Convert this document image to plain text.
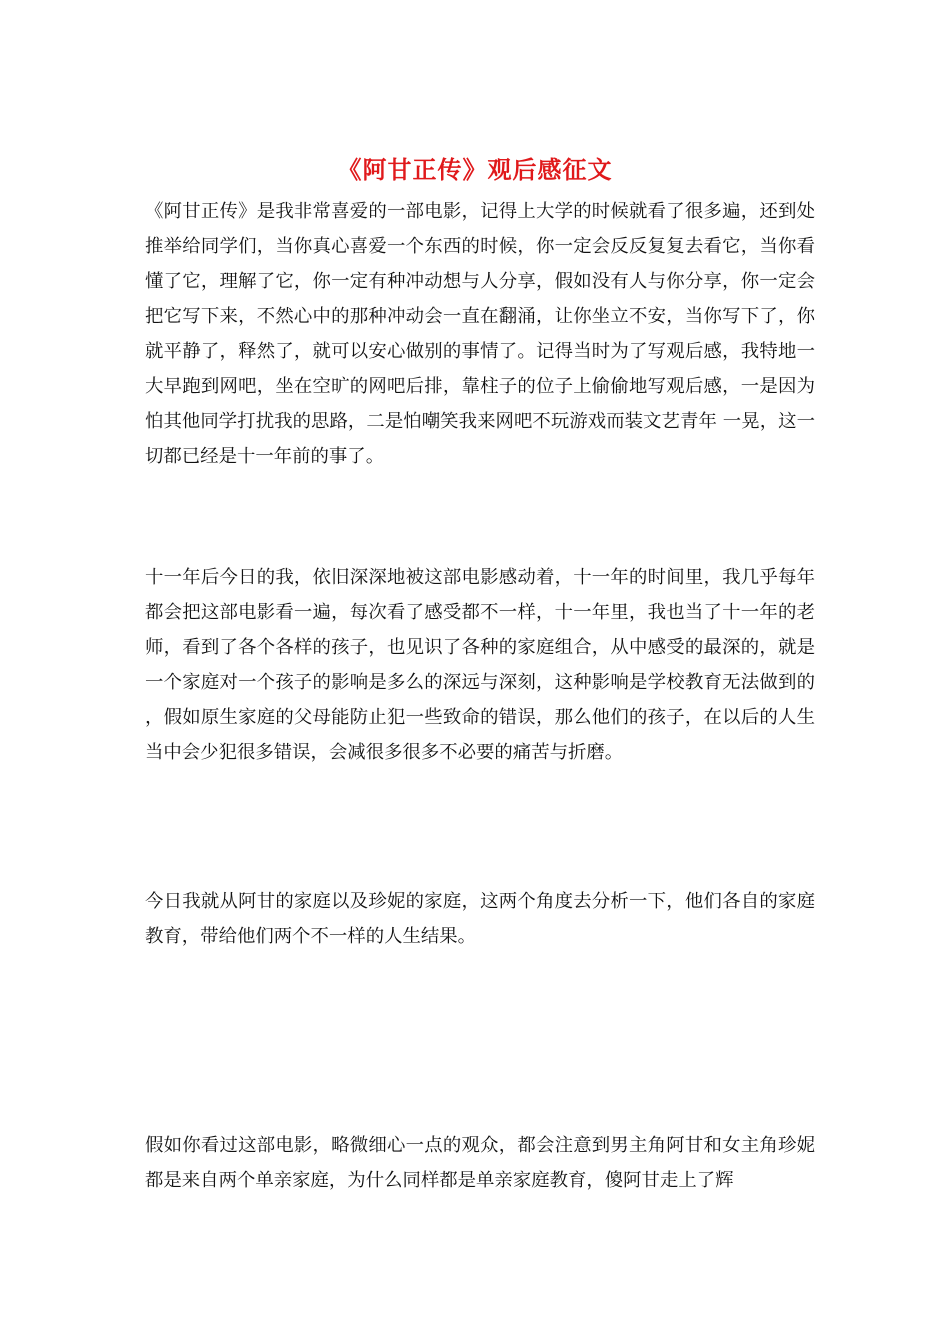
《阿甘正传》观后感征文

《阿甘正传》是我非常喜爱的一部电影，记得上大学的时候就看了很多遍，还到处推举给同学们，当你真心喜爱一个东西的时候，你一定会反反复复去看它，当你看懂了它，理解了它，你一定有种冲动想与人分享，假如没有人与你分享，你一定会把它写下来，不然心中的那种冲动会一直在翻涌，让你坐立不安，当你写下了，你就平静了，释然了，就可以安心做别的事情了。记得当时为了写观后感，我特地一大早跑到网吧，坐在空旷的网吧后排，靠柱子的位子上偷偷地写观后感，一是因为怕其他同学打扰我的思路，二是怕嘲笑我来网吧不玩游戏而装文艺青年 一晃，这一切都已经是十一年前的事了。

十一年后今日的我，依旧深深地被这部电影感动着，十一年的时间里，我几乎每年都会把这部电影看一遍，每次看了感受都不一样，十一年里，我也当了十一年的老师，看到了各个各样的孩子，也见识了各种的家庭组合，从中感受的最深的，就是一个家庭对一个孩子的影响是多么的深远与深刻，这种影响是学校教育无法做到的，假如原生家庭的父母能防止犯一些致命的错误，那么他们的孩子，在以后的人生当中会少犯很多错误，会减很多很多不必要的痛苦与折磨。

今日我就从阿甘的家庭以及珍妮的家庭，这两个角度去分析一下，他们各自的家庭教育，带给他们两个不一样的人生结果。

假如你看过这部电影，略微细心一点的观众，都会注意到男主角阿甘和女主角珍妮都是来自两个单亲家庭，为什么同样都是单亲家庭教育，傻阿甘走上了辉
